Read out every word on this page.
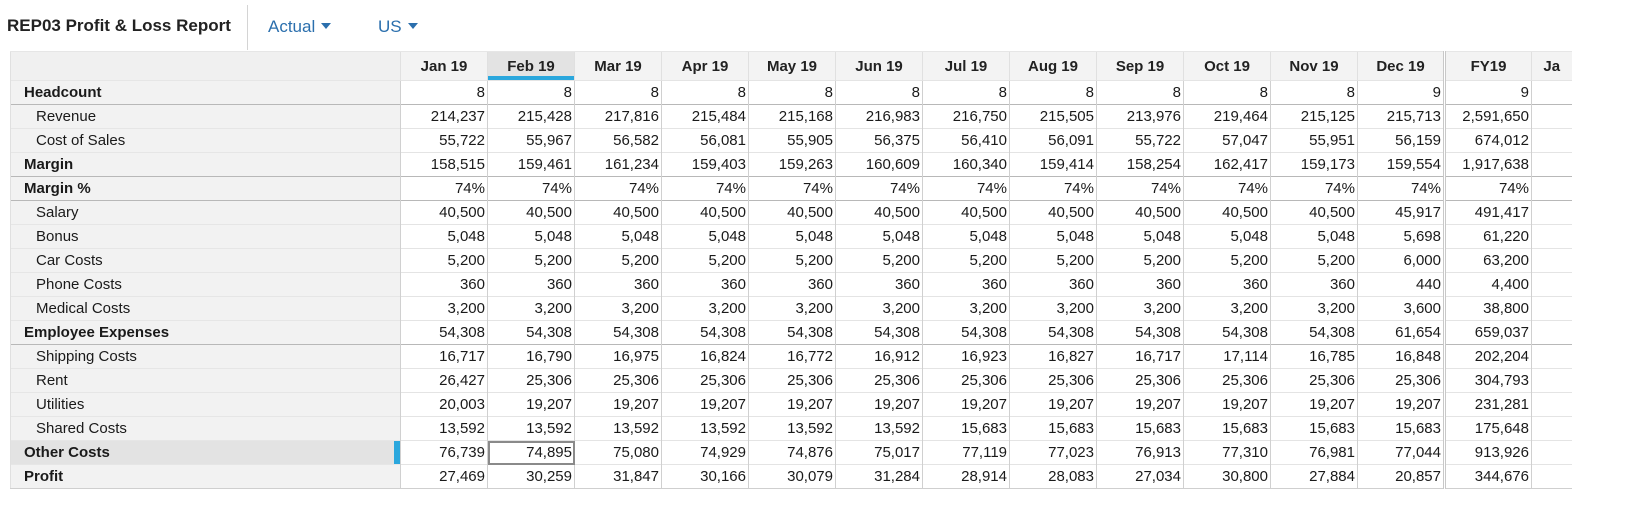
REP03 Profit & Loss Report Actual	US
	Jan 19	Feb 19	Mar 19	Apr 19	May 19	Jun 19	Jul 19	Aug 19	Sep 19	Oct 19	Nov 19	Dec 19	FY19	Ja
Headcount	8	8	8	8	8	8	8	8	8	8	8	9	9	
Revenue	214,237	215,428	217,816	215,484	215,168	216,983	216,750	215,505	213,976	219,464	215,125	215,713	2,591,650	
Cost of Sales	55,722	55,967	56,582	56,081	55,905	56,375	56,410	56,091	55,722	57,047	55,951	56,159	674,012	
Margin	158,515	159,461	161,234	159,403	159,263	160,609	160,340	159,414	158,254	162,417	159,173	159,554	1,917,638	
Margin %	74%	74%	74%	74%	74%	74%	74%	74%	74%	74%	74%	74%	74%	
Salary	40,500	40,500	40,500	40,500	40,500	40,500	40,500	40,500	40,500	40,500	40,500	45,917	491,417	
Bonus	5,048	5,048	5,048	5,048	5,048	5,048	5,048	5,048	5,048	5,048	5,048	5,698	61,220	
Car Costs	5,200	5,200	5,200	5,200	5,200	5,200	5,200	5,200	5,200	5,200	5,200	6,000	63,200	
Phone Costs	360	360	360	360	360	360	360	360	360	360	360	440	4,400	
Medical Costs	3,200	3,200	3,200	3,200	3,200	3,200	3,200	3,200	3,200	3,200	3,200	3,600	38,800	
Employee Expenses	54,308	54,308	54,308	54,308	54,308	54,308	54,308	54,308	54,308	54,308	54,308	61,654	659,037	
Shipping Costs	16,717	16,790	16,975	16,824	16,772	16,912	16,923	16,827	16,717	17,114	16,785	16,848	202,204	
Rent	26,427	25,306	25,306	25,306	25,306	25,306	25,306	25,306	25,306	25,306	25,306	25,306	304,793	
Utilities	20,003	19,207	19,207	19,207	19,207	19,207	19,207	19,207	19,207	19,207	19,207	19,207	231,281	
Shared Costs	13,592	13,592	13,592	13,592	13,592	13,592	15,683	15,683	15,683	15,683	15,683	15,683	175,648	
Other Costs	76,739	74,895	75,080	74,929	74,876	75,017	77,119	77,023	76,913	77,310	76,981	77,044	913,926	
Profit	27,469	30,259	31,847	30,166	30,079	31,284	28,914	28,083	27,034	30,800	27,884	20,857	344,676	
